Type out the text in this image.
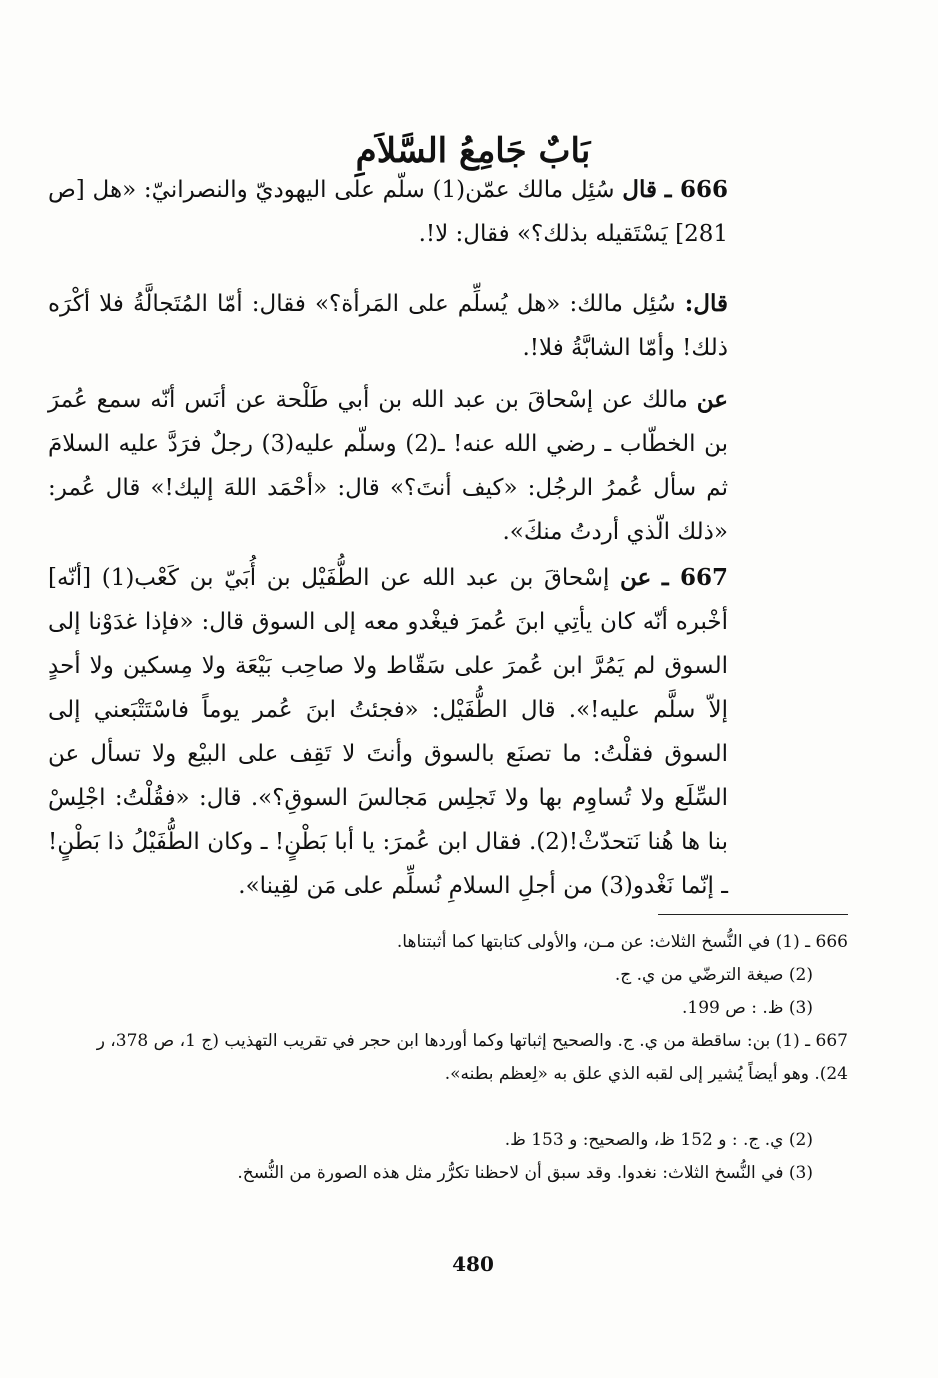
بَابٌ جَامِعُ السَّلاَمِ

666 ـ قال سُئِل مالك عمّن(1) سلّم على اليهوديّ والنصرانيّ: «هل [ص 281] يَسْتَقيله بذلك؟» فقال: لا!.

قال: سُئِل مالك: «هل يُسلِّم على المَرأة؟» فقال: أمّا المُتَجالَّةُ فلا أكْرَه ذلك! وأمّا الشابَّةُ فلا!.

عن مالك عن إسْحاقَ بن عبد الله بن أبي طَلْحة عن أنَس أنّه سمع عُمرَ بن الخطّاب ـ رضي الله عنه! ـ(2) وسلّم عليه(3) رجلٌ فرَدَّ عليه السلامَ ثم سأل عُمرُ الرجُل: «كيف أنتَ؟» قال: «أحْمَد اللهَ إليك!» قال عُمر: «ذلك الّذي أردتُ منكَ».

667 ـ عن إسْحاقَ بن عبد الله عن الطُّفَيْل بن أُبَيّ بن كَعْب(1) [أنّه] أخْبره أنّه كان يأتِي ابنَ عُمرَ فيغْدو معه إلى السوق قال: «فإذا غدَوْنا إلى السوق لم يَمُرَّ ابن عُمرَ على سَقّاط ولا صاحِب بَيْعَة ولا مِسكين ولا أحدٍ إلاّ سلَّم عليه!». قال الطُّفَيْل: «فجئتُ ابنَ عُمر يوماً فاسْتَتْبَعني إلى السوق فقلْتُ: ما تصنَع بالسوق وأنتَ لا تَقِف على البيْع ولا تسأل عن السِّلَع ولا تُساوِم بها ولا تَجلِس مَجالسَ السوقِ؟». قال: «فقُلْتُ: اجْلِسْ بنا ها هُنا نَتحدّثْ!(2). فقال ابن عُمرَ: يا أبا بَطْنٍ! ـ وكان الطُّفَيْلُ ذا بَطْنٍ! ـ إنّما نَغْدو(3) من أجلِ السلامِ نُسلِّم على مَن لقِينا».

666 ـ (1) في النُّسخ الثلاث: عن مـن، والأولى كتابتها كما أثبتناها.
(2) صيغة الترضّي من ي. ج.
(3) ظ. : ص 199.
667 ـ (1) بن: ساقطة من ي. ج. والصحيح إثباتها وكما أوردها ابن حجر في تقريب التهذيب (ج 1، ص 378، ر 24). وهو أيضاً يُشير إلى لقبه الذي علق به «لِعظم بطنه».
(2) ي. ج. : و 152 ظ، والصحيح: و 153 ظ.
(3) في النُّسخ الثلاث: نغدوا. وقد سبق أن لاحظنا تكرُّر مثل هذه الصورة من النُّسخ.
480
